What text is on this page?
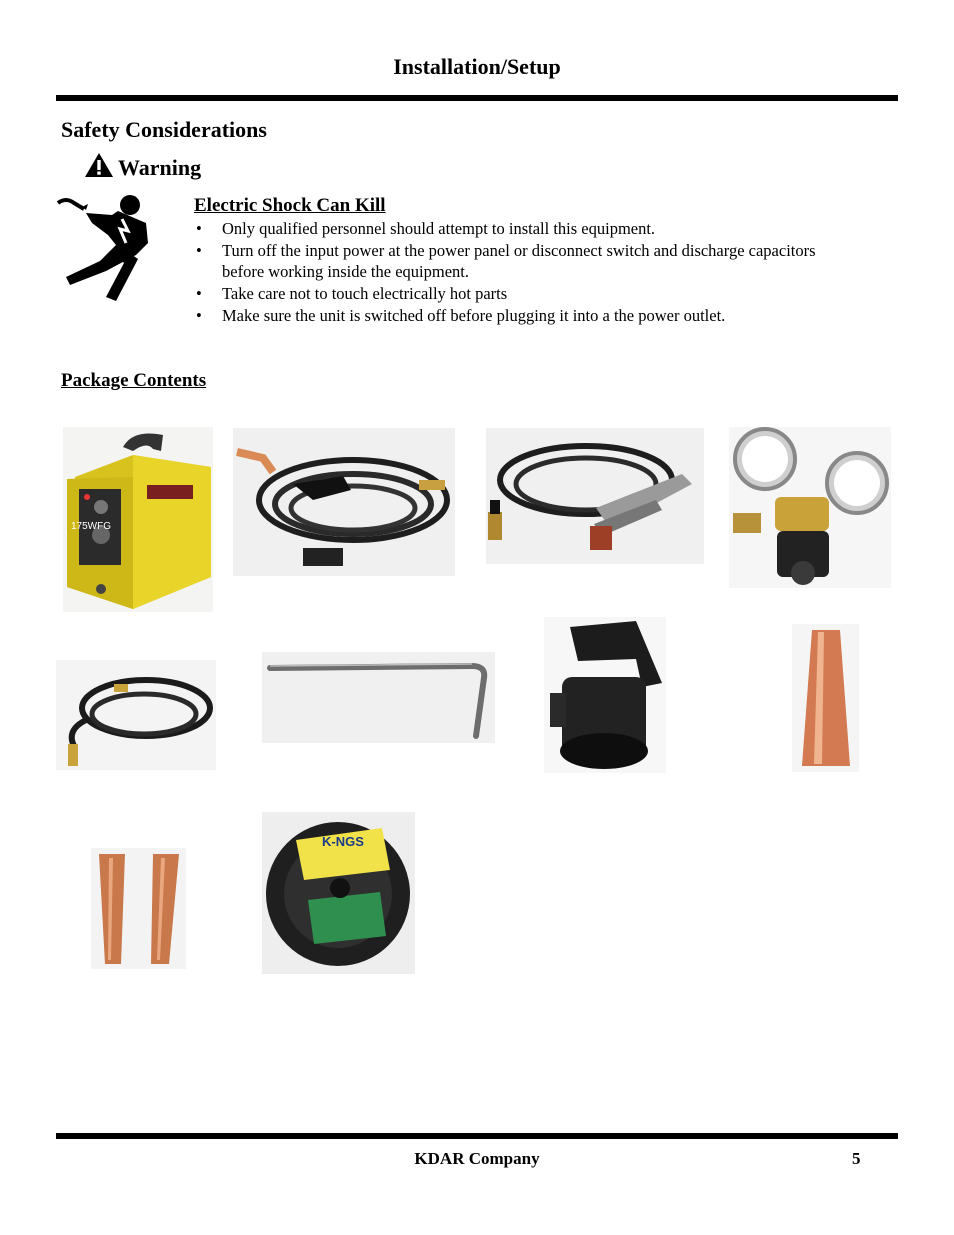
Installation/Setup
Safety Considerations
Warning
Electric Shock Can Kill
• Only qualified personnel should attempt to install this equipment.
• Turn off the input power at the power panel or disconnect switch and discharge capacitors before working inside the equipment.
• Take care not to touch electrically hot parts
• Make sure the unit is switched off before plugging it into a the power outlet.
Package Contents
175WFG
K-NGS
KDAR Company	5
